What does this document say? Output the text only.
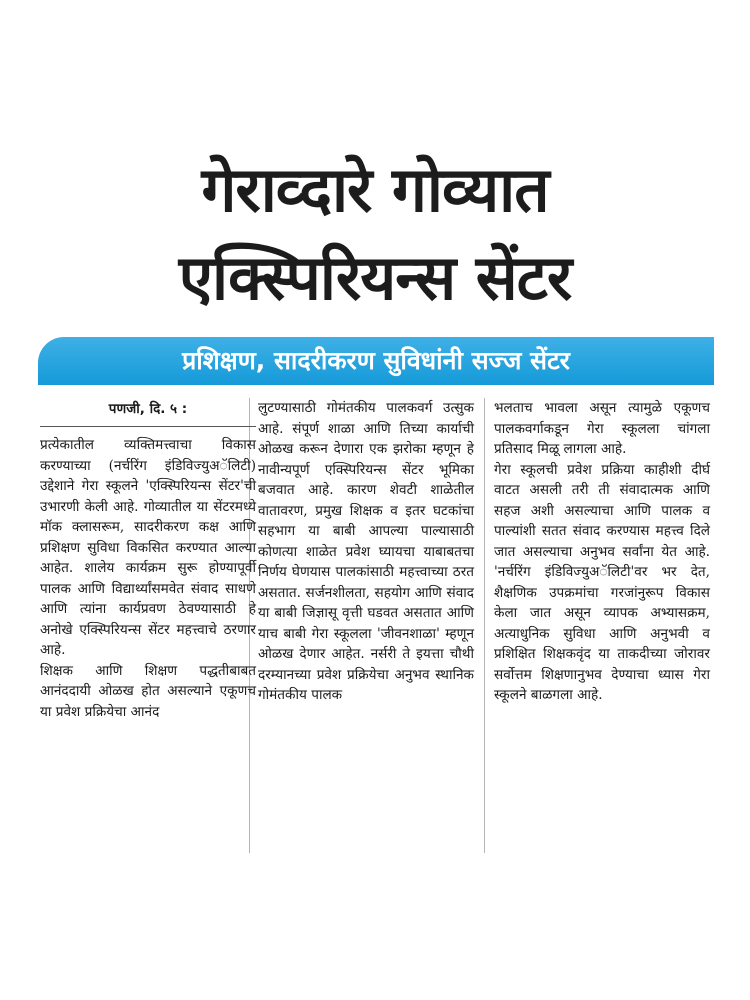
गेराव्दारे गोव्यात
एक्स्पिरियन्स सेंटर
प्रशिक्षण, सादरीकरण सुविधांनी सज्ज सेंटर
पणजी, दि. ५ :

प्रत्येकातील व्यक्तिमत्त्वाचा विकास करण्याच्या (नर्चरिंग इंडिविज्युअॅलिटी) उद्देशाने गेरा स्कूलने 'एक्स्पिरियन्स सेंटर'ची उभारणी केली आहे. गोव्यातील या सेंटरमध्ये मॉक क्लासरूम, सादरीकरण कक्ष आणि प्रशिक्षण सुविधा विकसित करण्यात आल्या आहेत. शालेय कार्यक्रम सुरू होण्यापूर्वी पालक आणि विद्यार्थ्यांसमवेत संवाद साधणे आणि त्यांना कार्यप्रवण ठेवण्यासाठी हे अनोखे एक्स्पिरियन्स सेंटर महत्त्वाचे ठरणार आहे.

शिक्षक आणि शिक्षण पद्धतीबाबत आनंददायी ओळख होत असल्याने एकूणच या प्रवेश प्रक्रियेचा आनंद

लुटण्यासाठी गोमंतकीय पालकवर्ग उत्सुक आहे. संपूर्ण शाळा आणि तिच्या कार्याची ओळख करून देणारा एक झरोका म्हणून हे नावीन्यपूर्ण एक्स्पिरियन्स सेंटर भूमिका बजवात आहे. कारण शेवटी शाळेतील वातावरण, प्रमुख शिक्षक व इतर घटकांचा सहभाग या बाबी आपल्या पाल्यासाठी कोणत्या शाळेत प्रवेश घ्यायचा याबाबतचा निर्णय घेणयास पालकांसाठी महत्त्वाच्या ठरत असतात. सर्जनशीलता, सहयोग आणि संवाद या बाबी जिज्ञासू वृत्ती घडवत असतात आणि याच बाबी गेरा स्कूलला 'जीवनशाळा' म्हणून ओळख देणार आहेत. नर्सरी ते इयत्ता चौथी दरम्यानच्या प्रवेश प्रक्रियेचा अनुभव स्थानिक गोमंतकीय पालक

भलताच भावला असून त्यामुळे एकूणच पालकवर्गाकडून गेरा स्कूलला चांगला प्रतिसाद मिळू लागला आहे.

गेरा स्कूलची प्रवेश प्रक्रिया काहीशी दीर्घ वाटत असली तरी ती संवादात्मक आणि सहज अशी असल्याचा आणि पालक व पाल्यांशी सतत संवाद करण्यास महत्त्व दिले जात असल्याचा अनुभव सर्वांना येत आहे. 'नर्चरिंग इंडिविज्युअॅलिटी'वर भर देत, शैक्षणिक उपक्रमांचा गरजांनुरूप विकास केला जात असून व्यापक अभ्यासक्रम, अत्याधुनिक सुविधा आणि अनुभवी व प्रशिक्षित शिक्षकवृंद या ताकदीच्या जोरावर सर्वोत्तम शिक्षणानुभव देण्याचा ध्यास गेरा स्कूलने बाळगला आहे.
